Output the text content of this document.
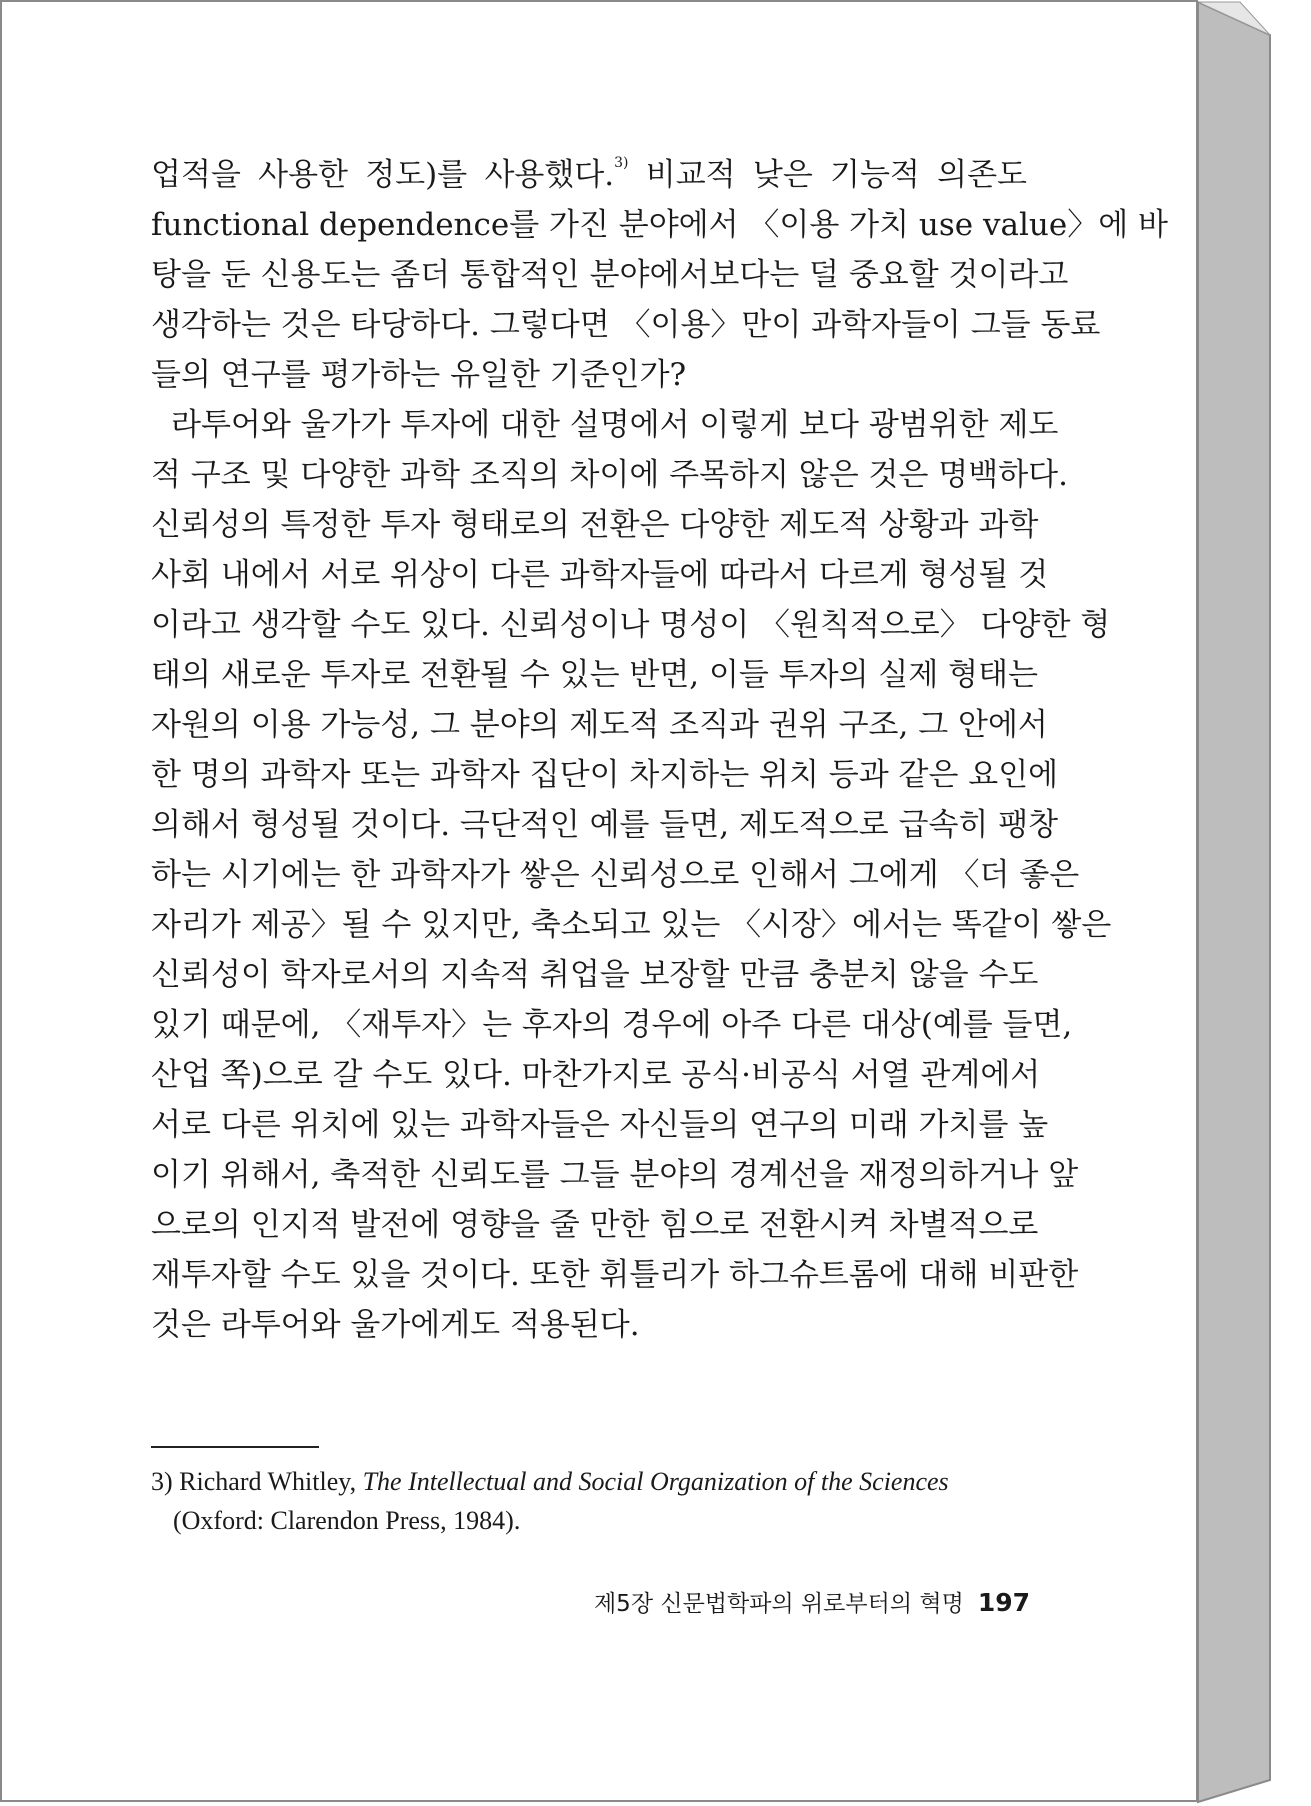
업적을 사용한 정도)를 사용했다.$^{3)}$ 비교적 낮은 기능적 의존도
functional dependence를 가진 분야에서 〈이용 가치 use value〉에 바
탕을 둔 신용도는 좀더 통합적인 분야에서보다는 덜 중요할 것이라고
생각하는 것은 타당하다. 그렇다면 〈이용〉만이 과학자들이 그들 동료
들의 연구를 평가하는 유일한 기준인가?
라투어와 울가가 투자에 대한 설명에서 이렇게 보다 광범위한 제도
적 구조 및 다양한 과학 조직의 차이에 주목하지 않은 것은 명백하다.
신뢰성의 특정한 투자 형태로의 전환은 다양한 제도적 상황과 과학
사회 내에서 서로 위상이 다른 과학자들에 따라서 다르게 형성될 것
이라고 생각할 수도 있다. 신뢰성이나 명성이 〈원칙적으로〉 다양한 형
태의 새로운 투자로 전환될 수 있는 반면, 이들 투자의 실제 형태는
자원의 이용 가능성, 그 분야의 제도적 조직과 권위 구조, 그 안에서
한 명의 과학자 또는 과학자 집단이 차지하는 위치 등과 같은 요인에
의해서 형성될 것이다. 극단적인 예를 들면, 제도적으로 급속히 팽창
하는 시기에는 한 과학자가 쌓은 신뢰성으로 인해서 그에게 〈더 좋은
자리가 제공〉될 수 있지만, 축소되고 있는 〈시장〉에서는 똑같이 쌓은
신뢰성이 학자로서의 지속적 취업을 보장할 만큼 충분치 않을 수도
있기 때문에, 〈재투자〉는 후자의 경우에 아주 다른 대상(예를 들면,
산업 쪽)으로 갈 수도 있다. 마찬가지로 공식·비공식 서열 관계에서
서로 다른 위치에 있는 과학자들은 자신들의 연구의 미래 가치를 높
이기 위해서, 축적한 신뢰도를 그들 분야의 경계선을 재정의하거나 앞
으로의 인지적 발전에 영향을 줄 만한 힘으로 전환시켜 차별적으로
재투자할 수도 있을 것이다. 또한 휘틀리가 하그슈트롬에 대해 비판한
것은 라투어와 울가에게도 적용된다.
3) Richard Whitley, The Intellectual and Social Organization of the Sciences
(Oxford: Clarendon Press, 1984).
제5장 신문법학파의 위로부터의 혁명 197
